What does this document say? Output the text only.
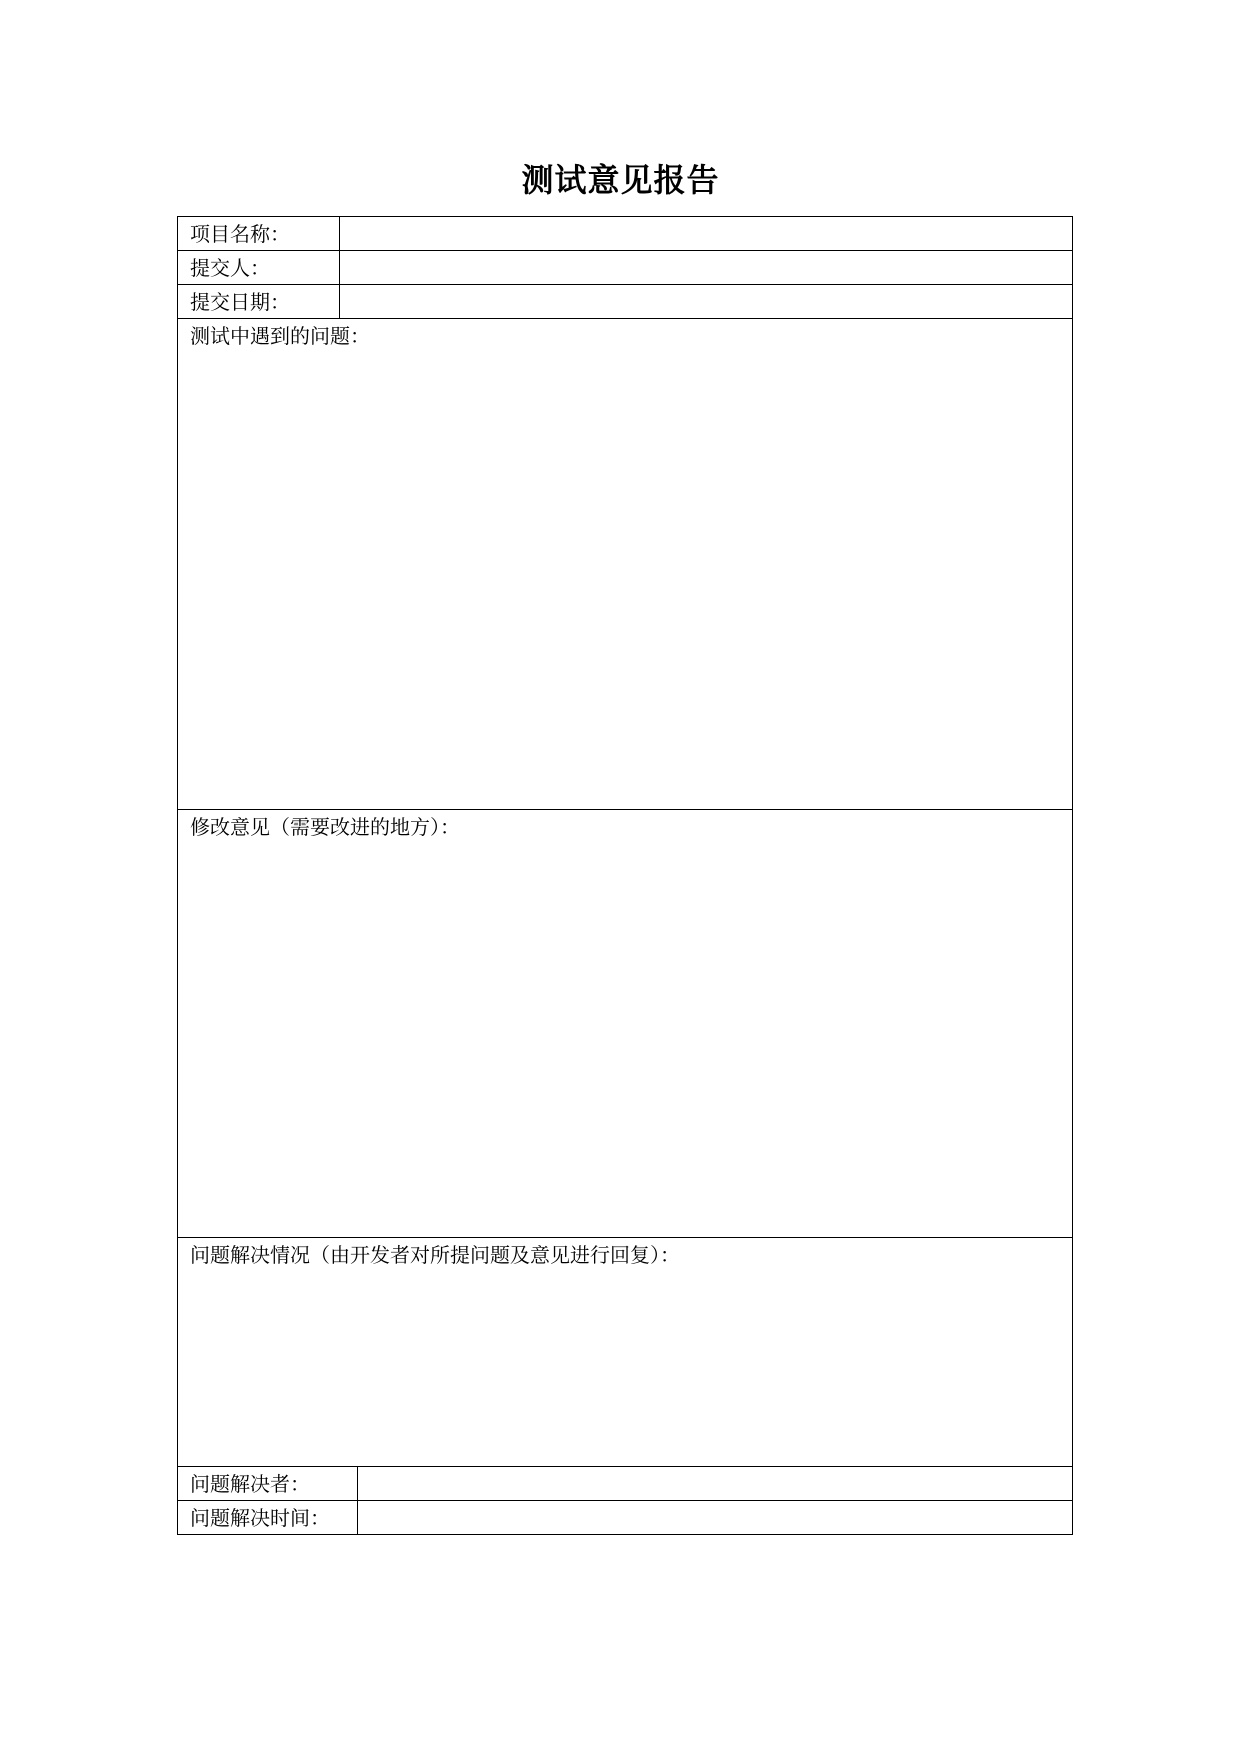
测试意见报告
项目名称：		
提交人：		
提交日期：		

测试中遇到的问题：		

修改意见（需要改进的地方）：		

问题解决情况（由开发者对所提问题及意见进行回复）：		

问题解决者：		
问题解决时间：		
